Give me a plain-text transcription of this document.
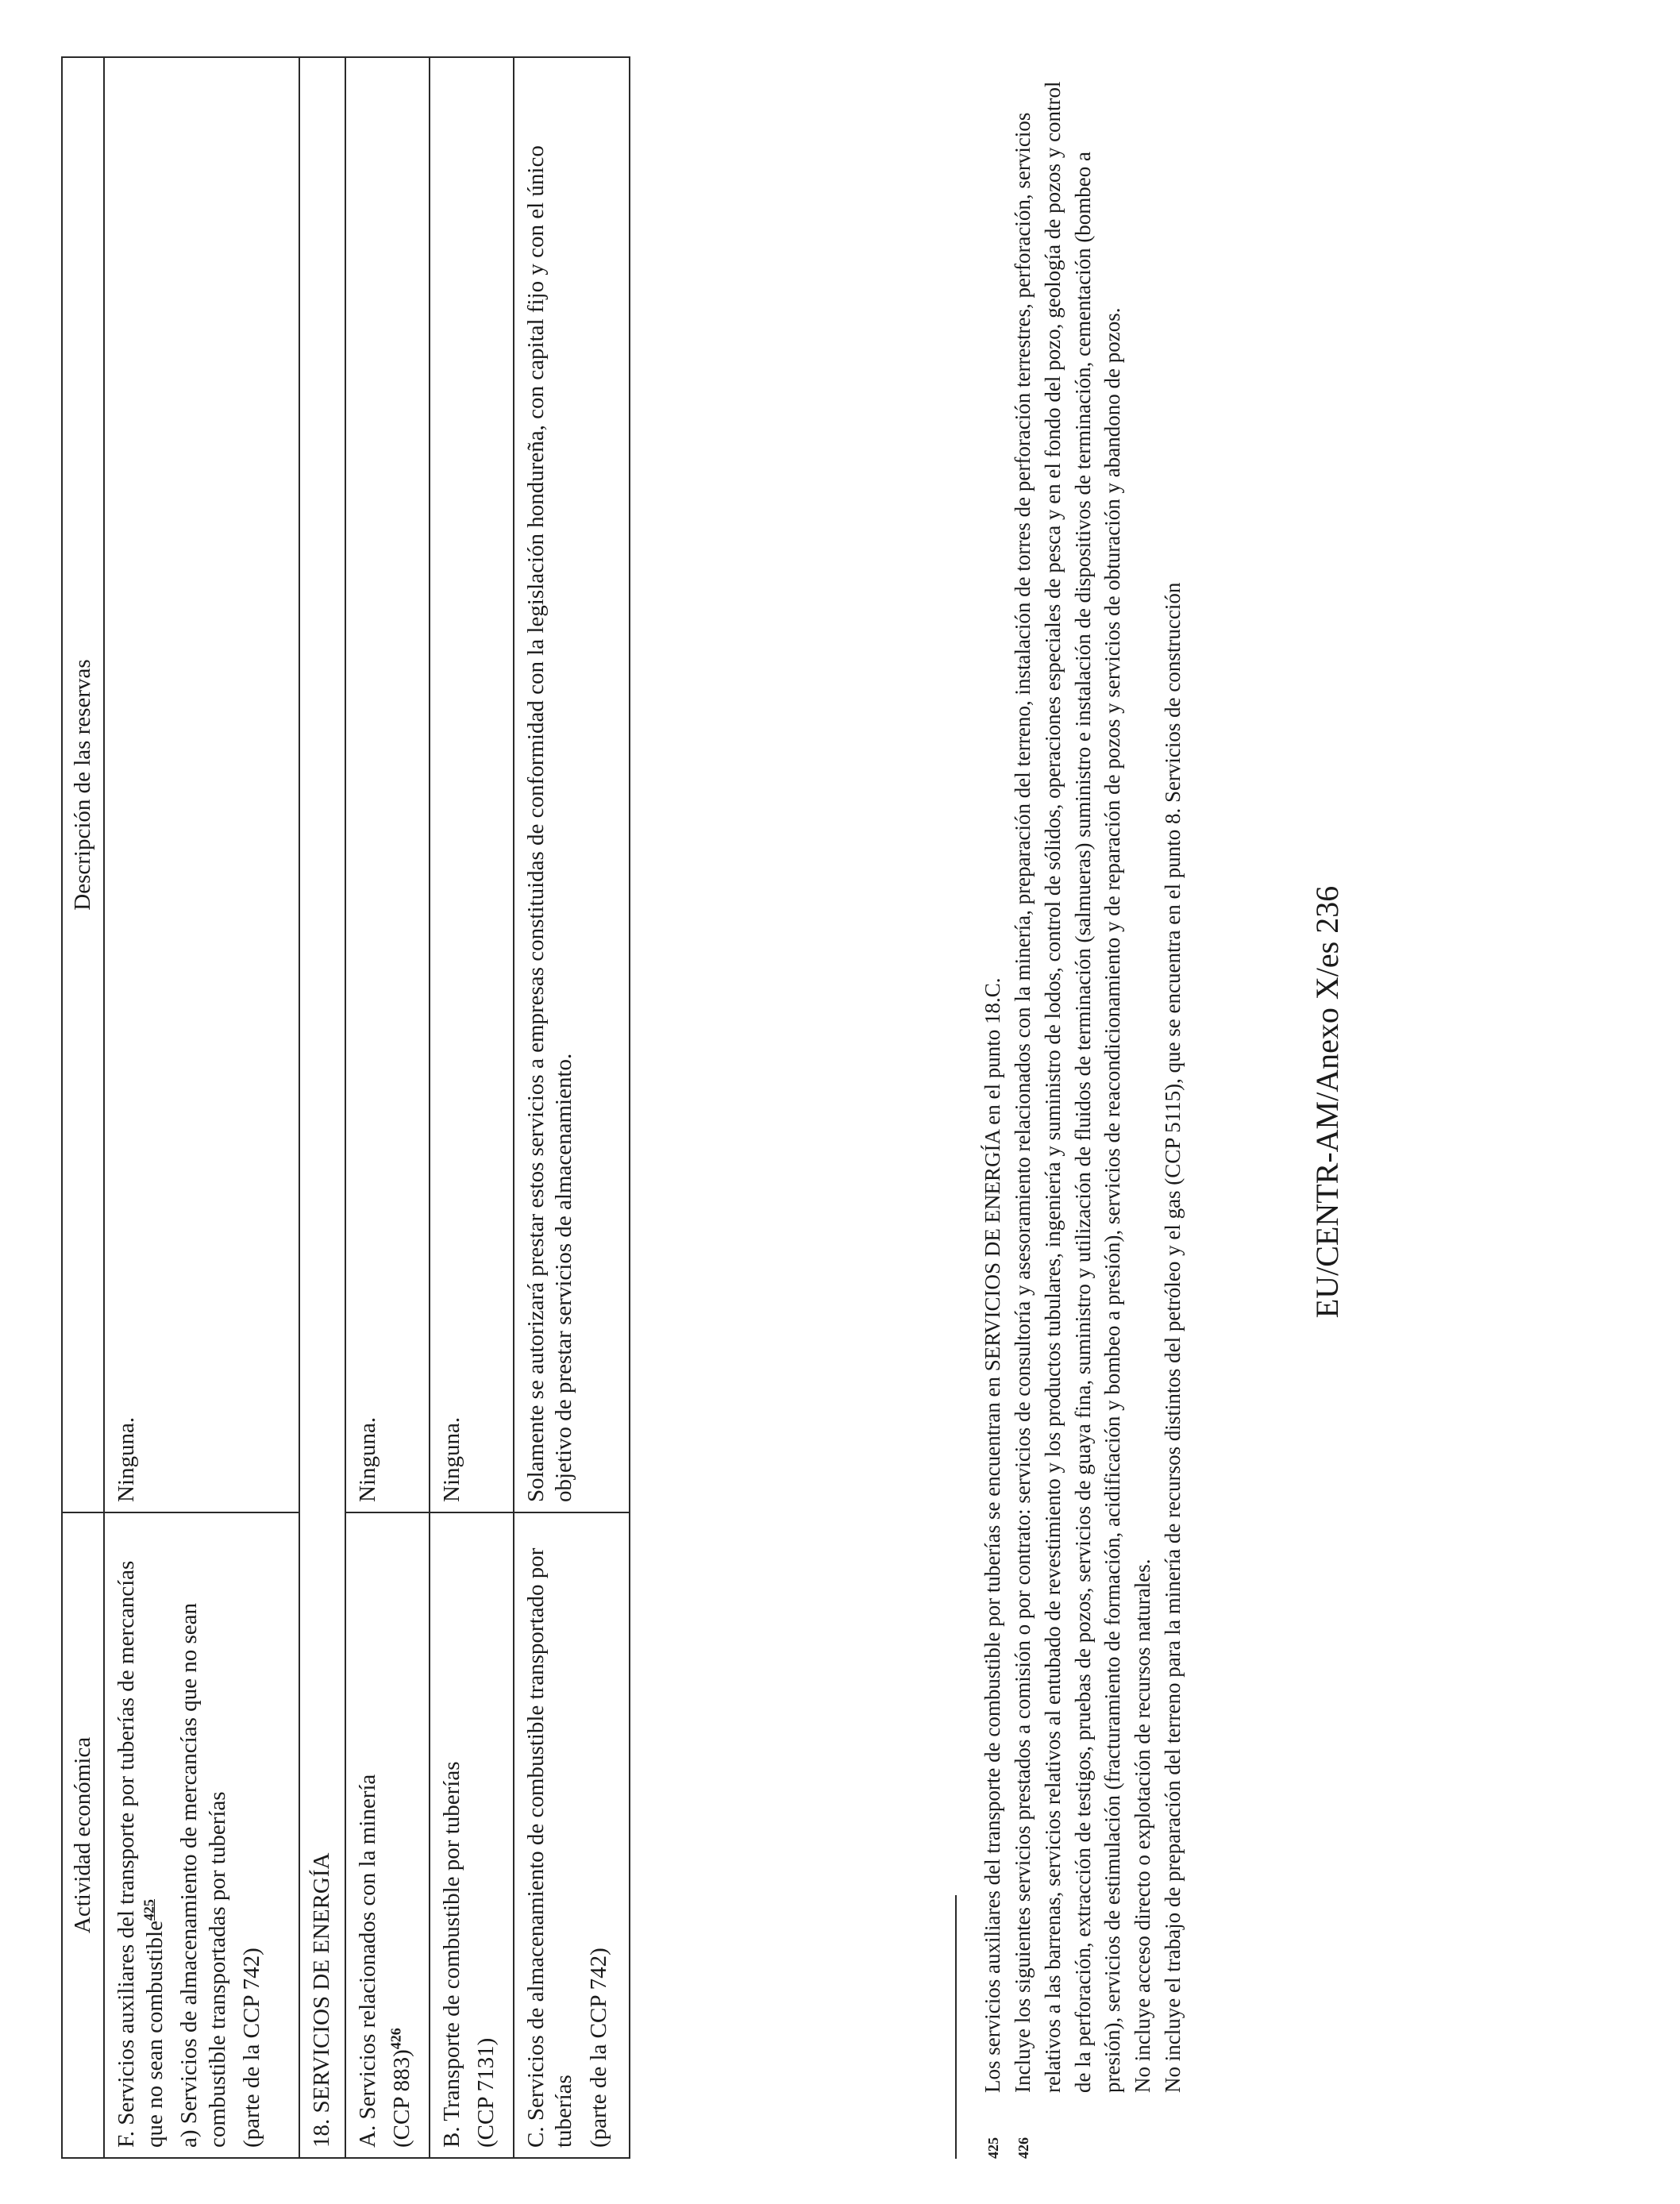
Actividad económica	Descripción de las reservas

F. Servicios auxiliares del transporte por tuberías de mercancías que no sean combustible$^{425}$ a) Servicios de almacenamiento de mercancías que no sean combustible transportadas por tuberías (parte de la CCP 742)	Ninguna.

18. SERVICIOS DE ENERGÍA	

A. Servicios relacionados con la minería (CCP 883)$^{426}$	Ninguna.

B. Transporte de combustible por tuberías (CCP 7131)	Ninguna.

C. Servicios de almacenamiento de combustible transportado por tuberías (parte de la CCP 742)	Solamente se autorizará prestar estos servicios a empresas constituidas de conformidad con la legislación hondureña, con capital fijo y con el único objetivo de prestar servicios de almacenamiento.

425

Los servicios auxiliares del transporte de combustible por tuberías se encuentran en SERVICIOS DE ENERGÍA en el punto 18.C.

426

Incluye los siguientes servicios prestados a comisión o por contrato: servicios de consultoría y asesoramiento relacionados con la minería, preparación del terreno, instalación de torres de perforación terrestres, perforación, servicios relativos a las barrenas, servicios relativos al entubado de revestimiento y los productos tubulares, ingeniería y suministro de lodos, control de sólidos, operaciones especiales de pesca y en el fondo del pozo, geología de pozos y control de la perforación, extracción de testigos, pruebas de pozos, servicios de guaya fina, suministro y utilización de fluidos de terminación (salmueras) suministro e instalación de dispositivos de terminación, cementación (bombeo a presión), servicios de estimulación (fracturamiento de formación, acidificación y bombeo a presión), servicios de reacondicionamiento y de reparación de pozos y servicios de obturación y abandono de pozos. No incluye acceso directo o explotación de recursos naturales. No incluye el trabajo de preparación del terreno para la minería de recursos distintos del petróleo y el gas (CCP 5115), que se encuentra en el punto 8. Servicios de construcción	EU/CENTR-AM/Anexo X/es 236
